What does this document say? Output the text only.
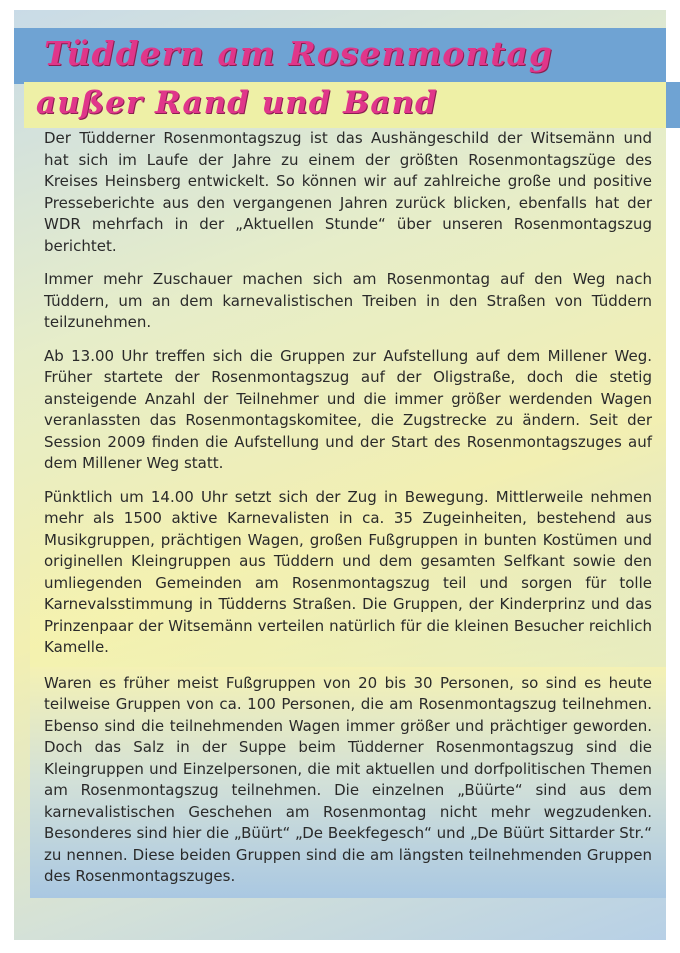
Tüddern am Rosenmontag
außer Rand und Band

Der Tüdderner Rosenmontagszug ist das Aushängeschild der Witsemänn und hat sich im Laufe der Jahre zu einem der größten Rosenmontagszüge des Kreises Heinsberg entwickelt. So können wir auf zahlreiche große und positive Presseberichte aus den vergangenen Jahren zurück blicken, ebenfalls hat der WDR mehrfach in der „Aktuellen Stunde“ über unseren Rosenmontagszug berichtet.

Immer mehr Zuschauer machen sich am Rosenmontag auf den Weg nach Tüddern, um an dem karnevalistischen Treiben in den Straßen von Tüddern teilzunehmen.

Ab 13.00 Uhr treffen sich die Gruppen zur Aufstellung auf dem Millener Weg. Früher startete der Rosenmontagszug auf der Oligstraße, doch die stetig ansteigende Anzahl der Teilnehmer und die immer größer werdenden Wagen veranlassten das Rosenmontagskomitee, die Zugstrecke zu ändern. Seit der Session 2009 finden die Aufstellung und der Start des Rosenmontagszuges auf dem Millener Weg statt.

Pünktlich um 14.00 Uhr setzt sich der Zug in Bewegung. Mittlerweile nehmen mehr als 1500 aktive Karnevalisten in ca. 35 Zugeinheiten, bestehend aus Musikgruppen, prächtigen Wagen, großen Fußgruppen in bunten Kostümen und originellen Kleingruppen aus Tüddern und dem gesamten Selfkant sowie den umliegenden Gemeinden am Rosenmontagszug teil und sorgen für tolle Karnevalsstimmung in Tüdderns Straßen. Die Gruppen, der Kinderprinz und das Prinzenpaar der Witsemänn verteilen natürlich für die kleinen Besucher reichlich Kamelle.

Waren es früher meist Fußgruppen von 20 bis 30 Personen, so sind es heute teilweise Gruppen von ca. 100 Personen, die am Rosenmontagszug teilnehmen. Ebenso sind die teilnehmenden Wagen immer größer und prächtiger geworden. Doch das Salz in der Suppe beim Tüdderner Rosenmontagszug sind die Kleingruppen und Einzelpersonen, die mit aktuellen und dorfpolitischen Themen am Rosenmontagszug teilnehmen. Die einzelnen „Büürte“ sind aus dem karnevalistischen Geschehen am Rosenmontag nicht mehr wegzudenken. Besonderes sind hier die „Büürt“ „De Beekfegesch“ und „De Büürt Sittarder Str.“ zu nennen. Diese beiden Gruppen sind die am längsten teilnehmenden Gruppen des Rosenmontagszuges.
